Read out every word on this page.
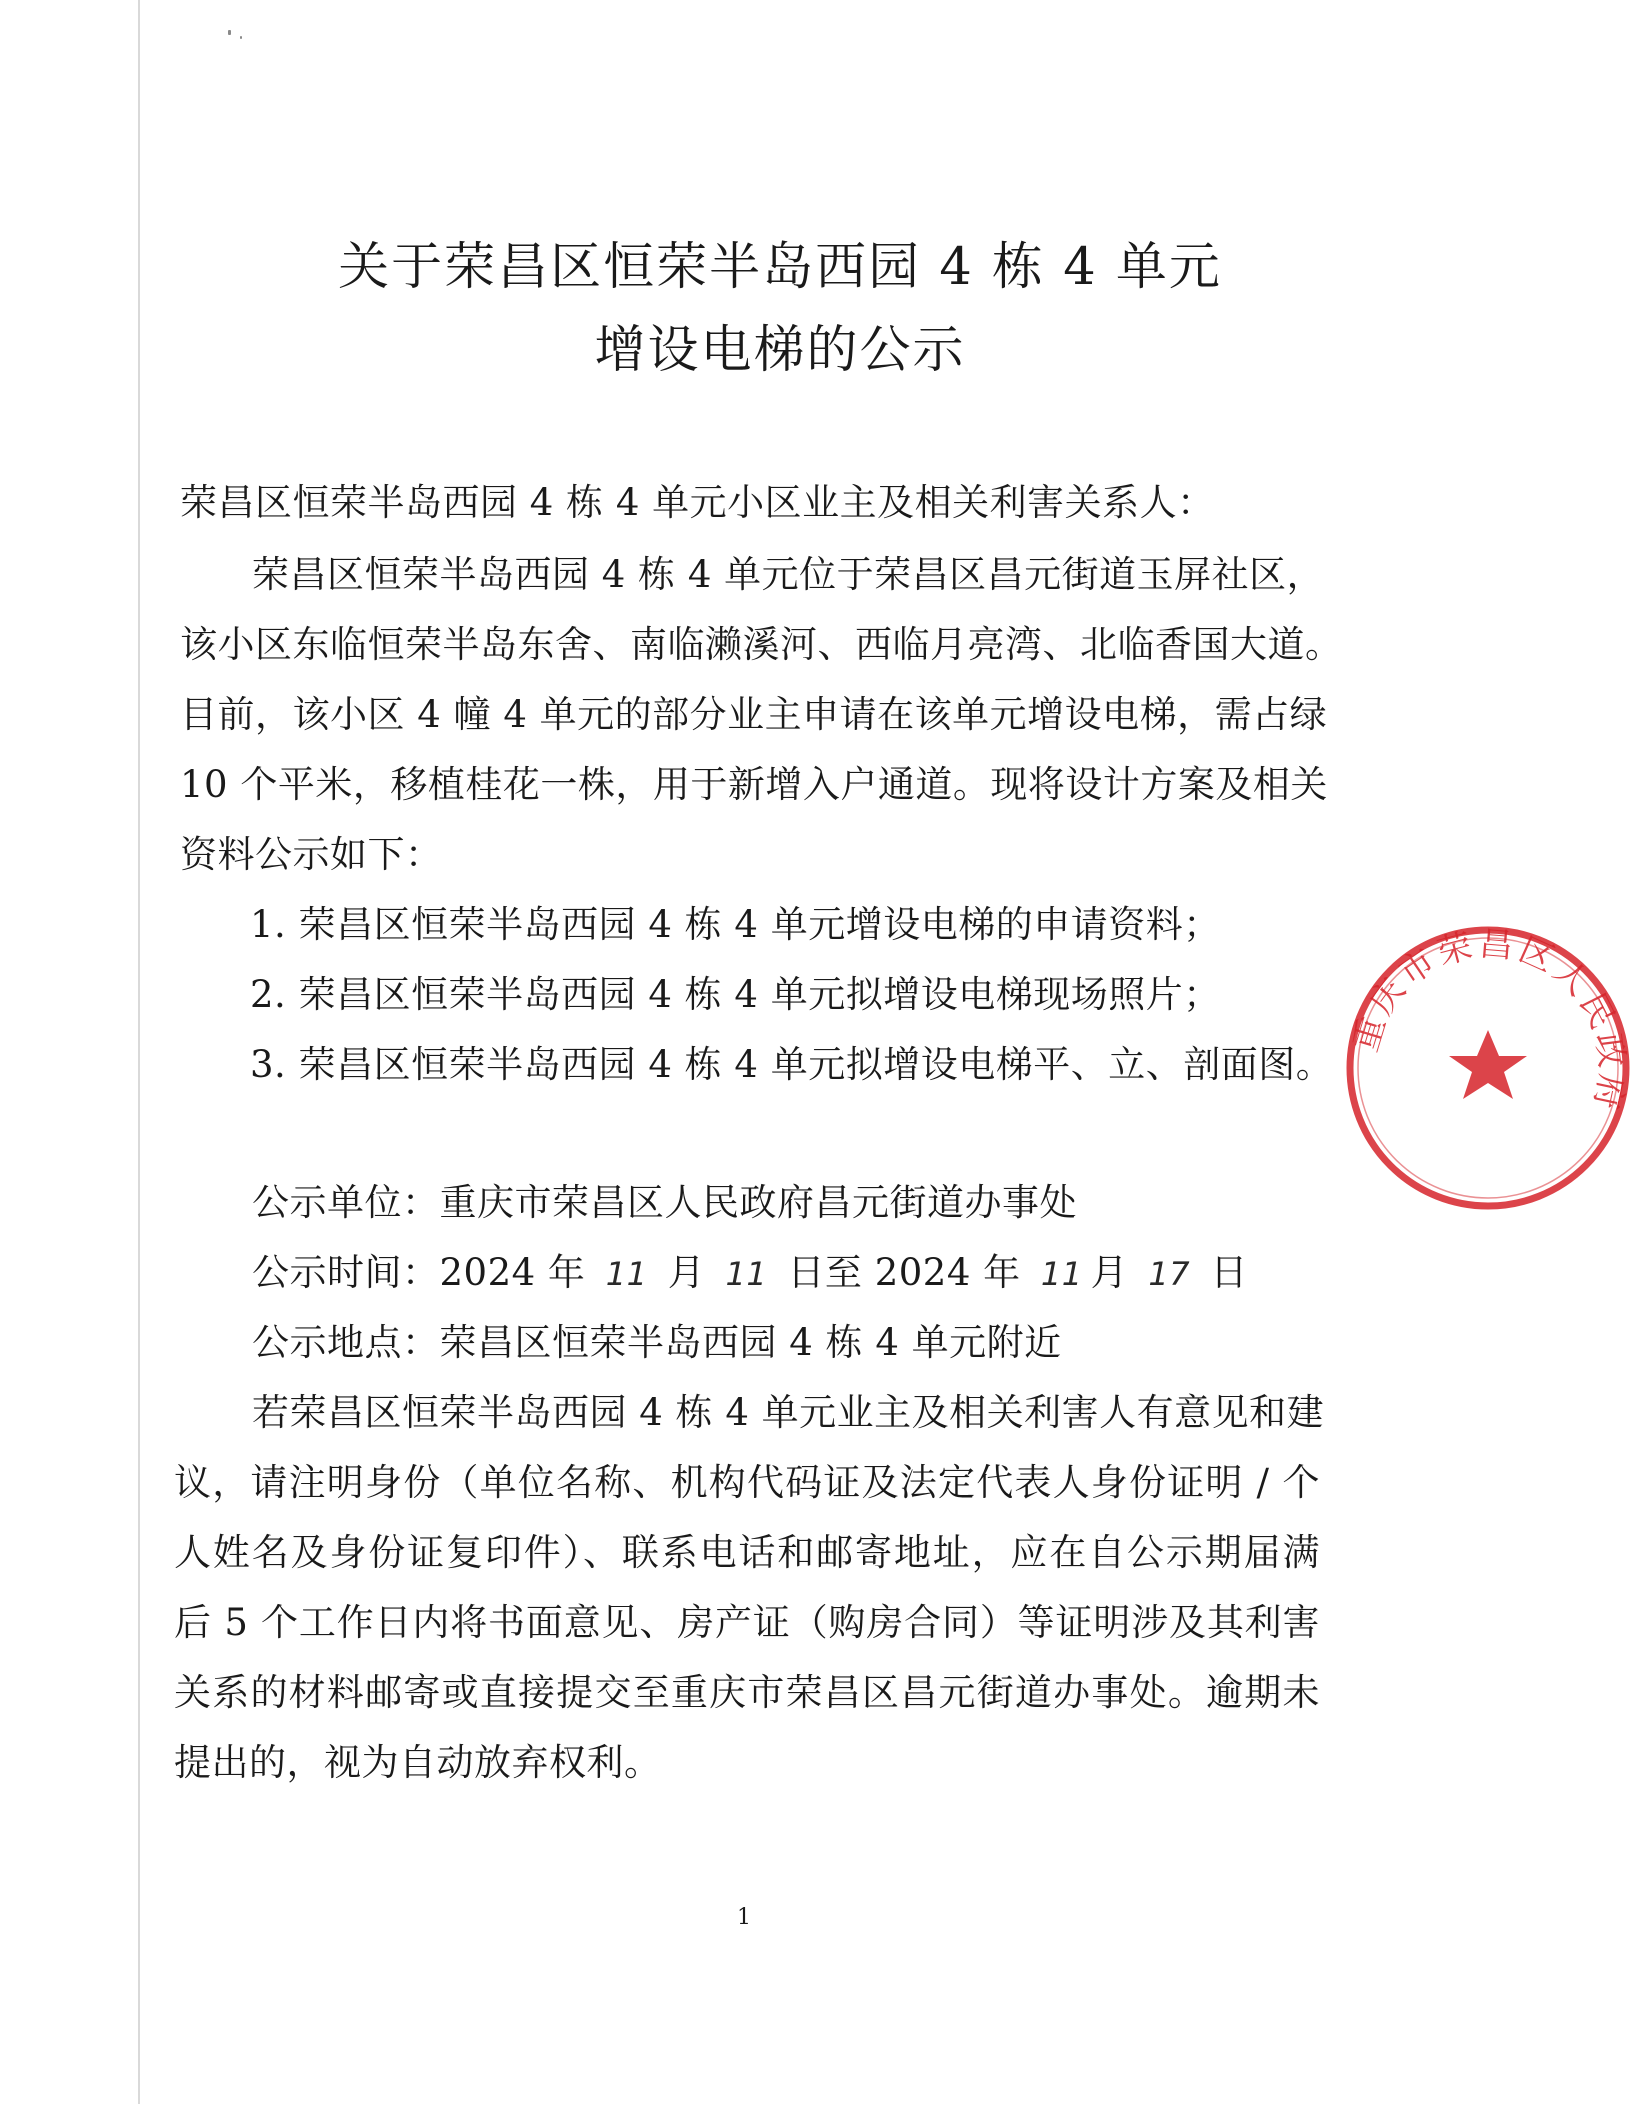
关于荣昌区恒荣半岛西园 4 栋 4 单元
增设电梯的公示

荣昌区恒荣半岛西园 4 栋 4 单元小区业主及相关利害关系人：

荣昌区恒荣半岛西园 4 栋 4 单元位于荣昌区昌元街道玉屏社区，

该小区东临恒荣半岛东舍、南临濑溪河、西临月亮湾、北临香国大道。

目前，该小区 4 幢 4 单元的部分业主申请在该单元增设电梯，需占绿

10 个平米，移植桂花一株，用于新增入户通道。现将设计方案及相关

资料公示如下：

1. 荣昌区恒荣半岛西园 4 栋 4 单元增设电梯的申请资料；

2. 荣昌区恒荣半岛西园 4 栋 4 单元拟增设电梯现场照片；

3. 荣昌区恒荣半岛西园 4 栋 4 单元拟增设电梯平、立、剖面图。

公示单位：重庆市荣昌区人民政府昌元街道办事处

公示时间：2024 年 11 月 11 日至 2024 年 11 月 17 日

公示地点：荣昌区恒荣半岛西园 4 栋 4 单元附近

若荣昌区恒荣半岛西园 4 栋 4 单元业主及相关利害人有意见和建

议，请注明身份（单位名称、机构代码证及法定代表人身份证明 / 个

人姓名及身份证复印件）、联系电话和邮寄地址，应在自公示期届满

后 5 个工作日内将书面意见、房产证（购房合同）等证明涉及其利害

关系的材料邮寄或直接提交至重庆市荣昌区昌元街道办事处。逾期未

提出的，视为自动放弃权利。

1

重庆市荣昌区人民政府
